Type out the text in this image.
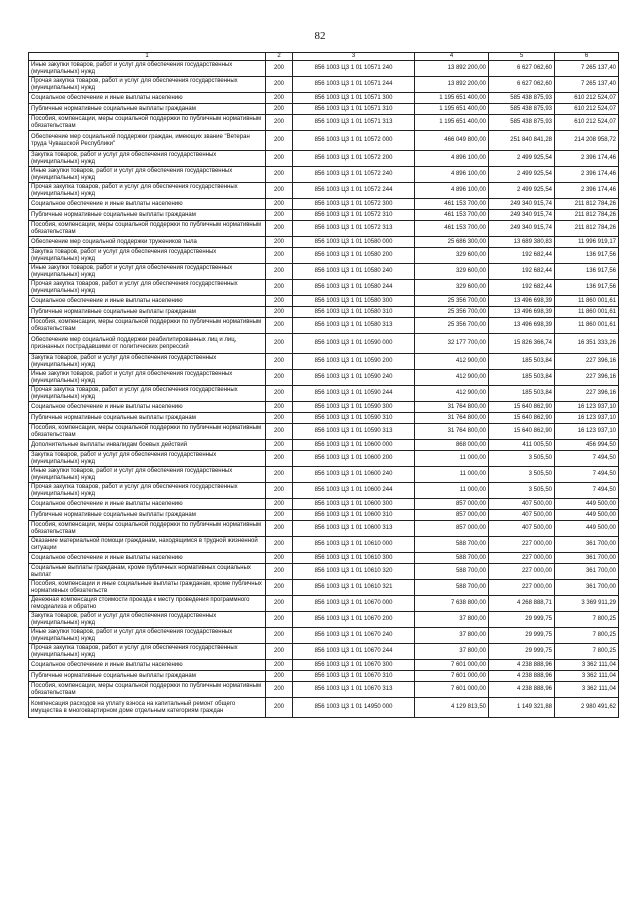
82
1	2	3	4	5	6
Иные закупки товаров, работ и услуг для обеспечения государственных (муниципальных) нужд	200	856 1003 Ц3 1 01 10571 240	13 892 200,00	6 627 062,60	7 265 137,40
Прочая закупка товаров, работ и услуг для обеспечения государственных (муниципальных) нужд	200	856 1003 Ц3 1 01 10571 244	13 892 200,00	6 627 062,60	7 265 137,40
Социальное обеспечение и иные выплаты населению	200	856 1003 Ц3 1 01 10571 300	1 195 651 400,00	585 438 875,93	610 212 524,07
Публичные нормативные социальные выплаты гражданам	200	856 1003 Ц3 1 01 10571 310	1 195 651 400,00	585 438 875,93	610 212 524,07
Пособия, компенсации, меры социальной поддержки по публичным нормативным обязательствам	200	856 1003 Ц3 1 01 10571 313	1 195 651 400,00	585 438 875,93	610 212 524,07
Обеспечение мер социальной поддержки граждан, имеющих звание "Ветеран труда Чувашской Республики"	200	856 1003 Ц3 1 01 10572 000	466 049 800,00	251 840 841,28	214 208 958,72
Закупка товаров, работ и услуг для обеспечения государственных (муниципальных) нужд	200	856 1003 Ц3 1 01 10572 200	4 896 100,00	2 499 925,54	2 396 174,46
Иные закупки товаров, работ и услуг для обеспечения государственных (муниципальных) нужд	200	856 1003 Ц3 1 01 10572 240	4 896 100,00	2 499 925,54	2 396 174,46
Прочая закупка товаров, работ и услуг для обеспечения государственных (муниципальных) нужд	200	856 1003 Ц3 1 01 10572 244	4 896 100,00	2 499 925,54	2 396 174,46
Социальное обеспечение и иные выплаты населению	200	856 1003 Ц3 1 01 10572 300	461 153 700,00	249 340 915,74	211 812 784,26
Публичные нормативные социальные выплаты гражданам	200	856 1003 Ц3 1 01 10572 310	461 153 700,00	249 340 915,74	211 812 784,26
Пособия, компенсации, меры социальной поддержки по публичным нормативным обязательствам	200	856 1003 Ц3 1 01 10572 313	461 153 700,00	249 340 915,74	211 812 784,26
Обеспечение мер социальной поддержки тружеников тыла	200	856 1003 Ц3 1 01 10580 000	25 686 300,00	13 689 380,83	11 996 919,17
Закупка товаров, работ и услуг для обеспечения государственных (муниципальных) нужд	200	856 1003 Ц3 1 01 10580 200	329 600,00	192 682,44	136 917,56
Иные закупки товаров, работ и услуг для обеспечения государственных (муниципальных) нужд	200	856 1003 Ц3 1 01 10580 240	329 600,00	192 682,44	136 917,56
Прочая закупка товаров, работ и услуг для обеспечения государственных (муниципальных) нужд	200	856 1003 Ц3 1 01 10580 244	329 600,00	192 682,44	136 917,56
Социальное обеспечение и иные выплаты населению	200	856 1003 Ц3 1 01 10580 300	25 356 700,00	13 496 698,39	11 860 001,61
Публичные нормативные социальные выплаты гражданам	200	856 1003 Ц3 1 01 10580 310	25 356 700,00	13 496 698,39	11 860 001,61
Пособия, компенсации, меры социальной поддержки по публичным нормативным обязательствам	200	856 1003 Ц3 1 01 10580 313	25 356 700,00	13 496 698,39	11 860 001,61
Обеспечение мер социальной поддержки реабилитированных лиц и лиц, признанных пострадавшими от политических репрессий	200	856 1003 Ц3 1 01 10590 000	32 177 700,00	15 826 366,74	16 351 333,26
Закупка товаров, работ и услуг для обеспечения государственных (муниципальных) нужд	200	856 1003 Ц3 1 01 10590 200	412 900,00	185 503,84	227 396,16
Иные закупки товаров, работ и услуг для обеспечения государственных (муниципальных) нужд	200	856 1003 Ц3 1 01 10590 240	412 900,00	185 503,84	227 396,16
Прочая закупка товаров, работ и услуг для обеспечения государственных (муниципальных) нужд	200	856 1003 Ц3 1 01 10590 244	412 900,00	185 503,84	227 396,16
Социальное обеспечение и иные выплаты населению	200	856 1003 Ц3 1 01 10590 300	31 764 800,00	15 640 862,90	16 123 937,10
Публичные нормативные социальные выплаты гражданам	200	856 1003 Ц3 1 01 10590 310	31 764 800,00	15 640 862,90	16 123 937,10
Пособия, компенсации, меры социальной поддержки по публичным нормативным обязательствам	200	856 1003 Ц3 1 01 10590 313	31 764 800,00	15 640 862,90	16 123 937,10
Дополнительные выплаты инвалидам боевых действий	200	856 1003 Ц3 1 01 10600 000	868 000,00	411 005,50	456 994,50
Закупка товаров, работ и услуг для обеспечения государственных (муниципальных) нужд	200	856 1003 Ц3 1 01 10600 200	11 000,00	3 505,50	7 494,50
Иные закупки товаров, работ и услуг для обеспечения государственных (муниципальных) нужд	200	856 1003 Ц3 1 01 10600 240	11 000,00	3 505,50	7 494,50
Прочая закупка товаров, работ и услуг для обеспечения государственных (муниципальных) нужд	200	856 1003 Ц3 1 01 10600 244	11 000,00	3 505,50	7 494,50
Социальное обеспечение и иные выплаты населению	200	856 1003 Ц3 1 01 10600 300	857 000,00	407 500,00	449 500,00
Публичные нормативные социальные выплаты гражданам	200	856 1003 Ц3 1 01 10600 310	857 000,00	407 500,00	449 500,00
Пособия, компенсации, меры социальной поддержки по публичным нормативным обязательствам	200	856 1003 Ц3 1 01 10600 313	857 000,00	407 500,00	449 500,00
Оказание материальной помощи гражданам, находящимся в трудной жизненной ситуации	200	856 1003 Ц3 1 01 10610 000	588 700,00	227 000,00	361 700,00
Социальное обеспечение и иные выплаты населению	200	856 1003 Ц3 1 01 10610 300	588 700,00	227 000,00	361 700,00
Социальные выплаты гражданам, кроме публичных нормативных социальных выплат	200	856 1003 Ц3 1 01 10610 320	588 700,00	227 000,00	361 700,00
Пособия, компенсации и иные социальные выплаты гражданам, кроме публичных нормативных обязательств	200	856 1003 Ц3 1 01 10610 321	588 700,00	227 000,00	361 700,00
Денежная компенсация стоимости проезда к месту проведения программного гемодиализа и обратно	200	856 1003 Ц3 1 01 10670 000	7 638 800,00	4 268 888,71	3 369 911,29
Закупка товаров, работ и услуг для обеспечения государственных (муниципальных) нужд	200	856 1003 Ц3 1 01 10670 200	37 800,00	29 999,75	7 800,25
Иные закупки товаров, работ и услуг для обеспечения государственных (муниципальных) нужд	200	856 1003 Ц3 1 01 10670 240	37 800,00	29 999,75	7 800,25
Прочая закупка товаров, работ и услуг для обеспечения государственных (муниципальных) нужд	200	856 1003 Ц3 1 01 10670 244	37 800,00	29 999,75	7 800,25
Социальное обеспечение и иные выплаты населению	200	856 1003 Ц3 1 01 10670 300	7 601 000,00	4 238 888,96	3 362 111,04
Публичные нормативные социальные выплаты гражданам	200	856 1003 Ц3 1 01 10670 310	7 601 000,00	4 238 888,96	3 362 111,04
Пособия, компенсации, меры социальной поддержки по публичным нормативным обязательствам	200	856 1003 Ц3 1 01 10670 313	7 601 000,00	4 238 888,96	3 362 111,04
Компенсация расходов на уплату взноса на капитальный ремонт общего имущества в многоквартирном доме отдельным категориям граждан	200	856 1003 Ц3 1 01 14950 000	4 129 813,50	1 149 321,88	2 980 491,62
